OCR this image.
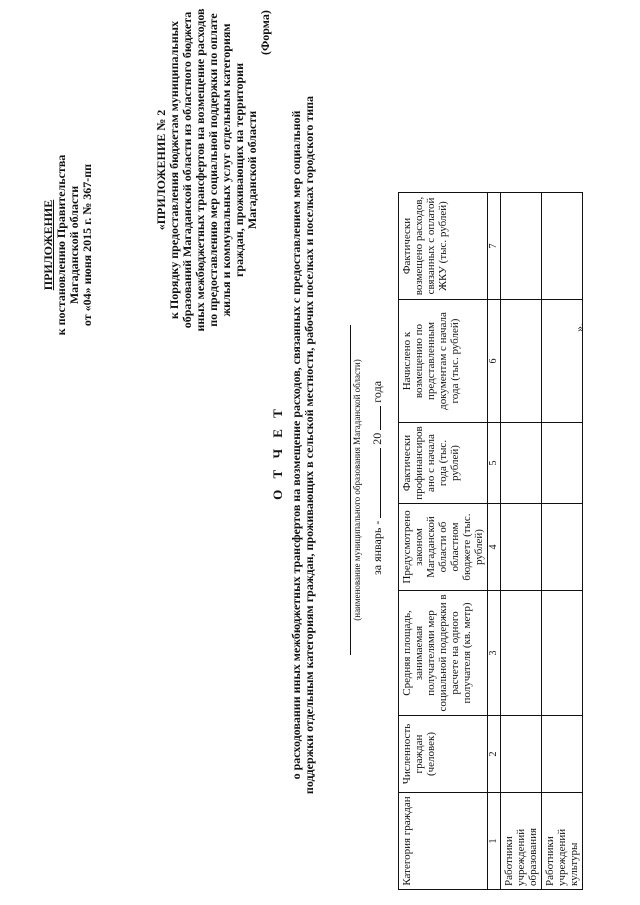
ПРИЛОЖЕНИЕ к постановлению Правительства Магаданской области от «04» июня 2015 г. № 367-пп	«ПРИЛОЖЕНИЕ № 2 к Порядку предоставления бюджетам муниципальных образований Магаданской области из областного бюджета иных межбюджетных трансфертов на возмещение расходов по предоставлению мер социальной поддержки по оплате жилья и коммунальных услуг отдельным категориям граждан, проживающих на территории Магаданской области
(Форма)
О Т Ч Е Т о расходовании иных межбюджетных трансфертов на возмещение расходов, связанных с предоставлением мер социальной поддержки отдельным категориям граждан, проживающих в сельской местности, рабочих поселках и поселках городского типа	(наименование муниципального образования Магаданской области) за январь -  20  года
Категория граждан	Численность граждан (человек)	Средняя площадь, занимаемая получателями мер социальной поддержки в расчете на одного получателя (кв. метр)	Предусмотрено законом Магаданской области об областном бюджете (тыс. рублей)	Фактически профинансиров ано с начала года (тыс. рублей)	Начислено к возмещению по представленным документам с начала года (тыс. рублей)	Фактически возмещено расходов, связанных с оплатой ЖКУ (тыс. рублей)
1	2	3	4	5	6	7
Работники учреждений образования						
Работники учреждений культуры						
».
